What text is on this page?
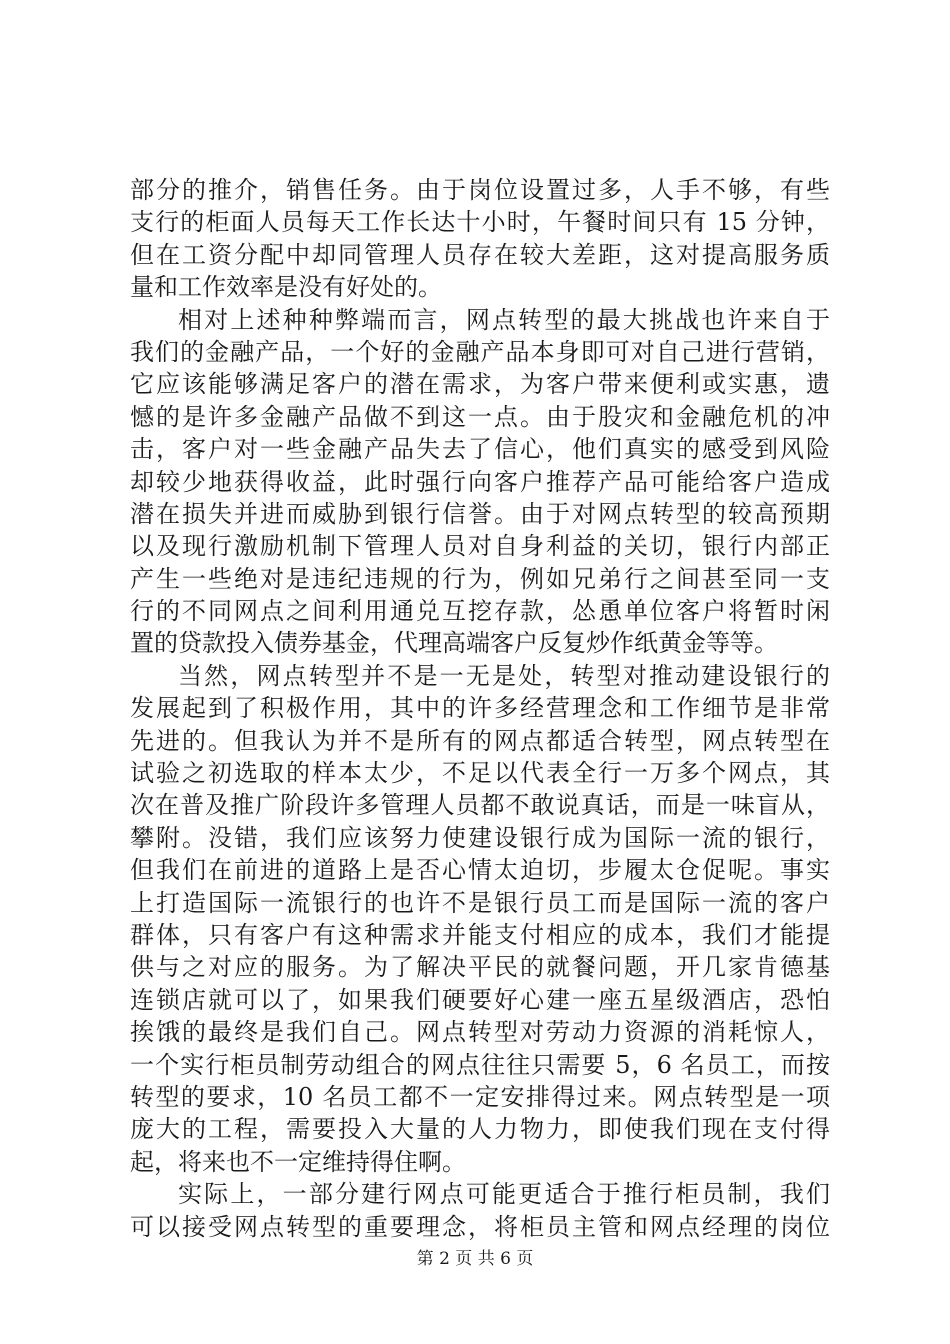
部分的推介，销售任务。由于岗位设置过多，人手不够，有些
支行的柜面人员每天工作长达十小时，午餐时间只有 15 分钟，
但在工资分配中却同管理人员存在较大差距，这对提高服务质
量和工作效率是没有好处的。
相对上述种种弊端而言，网点转型的最大挑战也许来自于
我们的金融产品，一个好的金融产品本身即可对自己进行营销，
它应该能够满足客户的潜在需求，为客户带来便利或实惠，遗
憾的是许多金融产品做不到这一点。由于股灾和金融危机的冲
击，客户对一些金融产品失去了信心，他们真实的感受到风险
却较少地获得收益，此时强行向客户推荐产品可能给客户造成
潜在损失并进而威胁到银行信誉。由于对网点转型的较高预期
以及现行激励机制下管理人员对自身利益的关切，银行内部正
产生一些绝对是违纪违规的行为，例如兄弟行之间甚至同一支
行的不同网点之间利用通兑互挖存款，怂恿单位客户将暂时闲
置的贷款投入债券基金，代理高端客户反复炒作纸黄金等等。
当然，网点转型并不是一无是处，转型对推动建设银行的
发展起到了积极作用，其中的许多经营理念和工作细节是非常
先进的。但我认为并不是所有的网点都适合转型，网点转型在
试验之初选取的样本太少，不足以代表全行一万多个网点，其
次在普及推广阶段许多管理人员都不敢说真话，而是一味盲从，
攀附。没错，我们应该努力使建设银行成为国际一流的银行，
但我们在前进的道路上是否心情太迫切，步履太仓促呢。事实
上打造国际一流银行的也许不是银行员工而是国际一流的客户
群体，只有客户有这种需求并能支付相应的成本，我们才能提
供与之对应的服务。为了解决平民的就餐问题，开几家肯德基
连锁店就可以了，如果我们硬要好心建一座五星级酒店，恐怕
挨饿的最终是我们自己。网点转型对劳动力资源的消耗惊人，
一个实行柜员制劳动组合的网点往往只需要 5，6 名员工，而按
转型的要求，10 名员工都不一定安排得过来。网点转型是一项
庞大的工程，需要投入大量的人力物力，即使我们现在支付得
起，将来也不一定维持得住啊。
实际上，一部分建行网点可能更适合于推行柜员制，我们
可以接受网点转型的重要理念，将柜员主管和网点经理的岗位
第 2 页 共 6 页
